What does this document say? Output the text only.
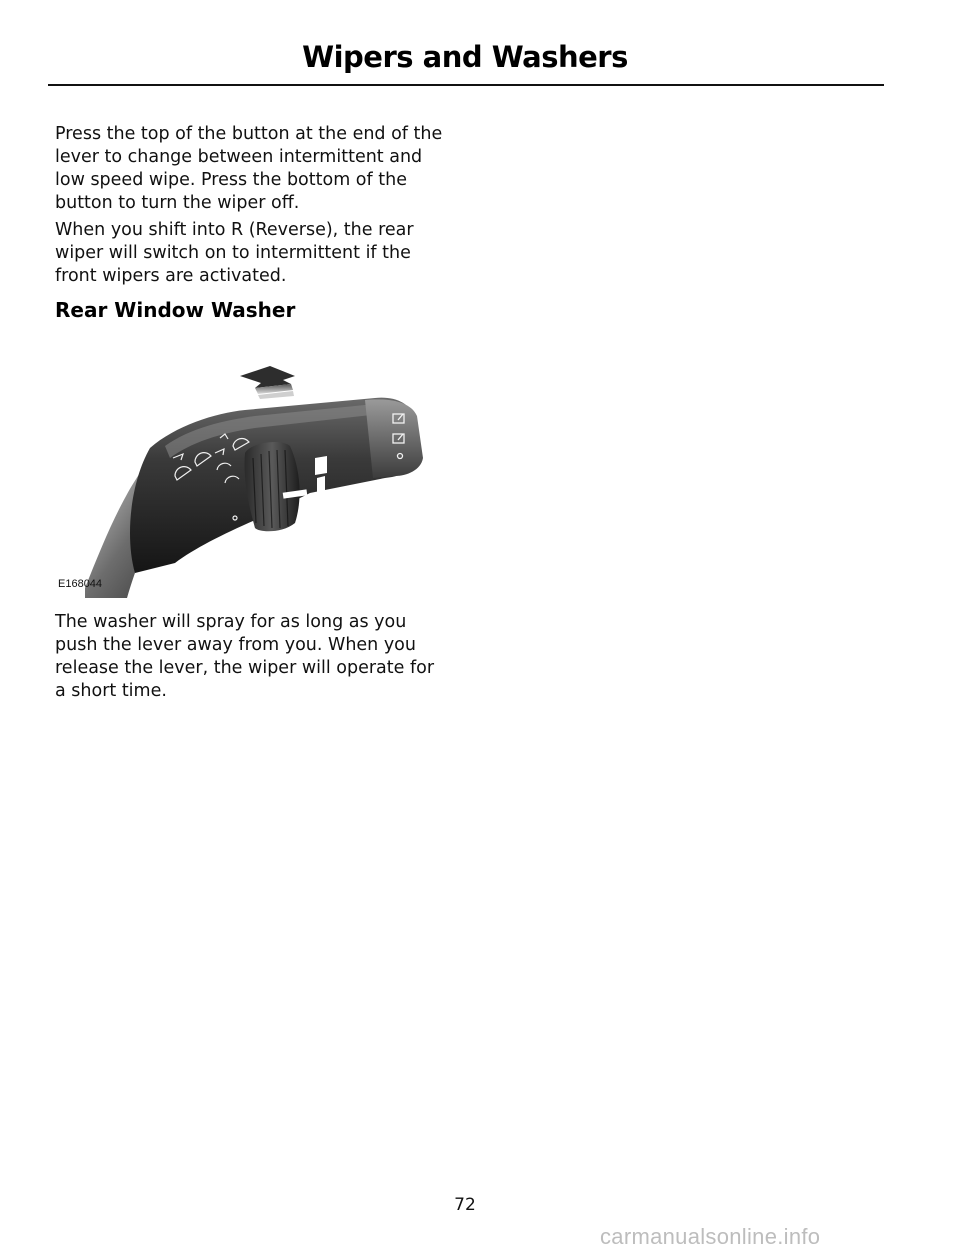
Wipers and Washers

Press the top of the button at the end of the lever to change between intermittent and low speed wipe. Press the bottom of the button to turn the wiper off.

When you shift into R (Reverse), the rear wiper will switch on to intermittent if the front wipers are activated.

Rear Window Washer
E168044

The washer will spray for as long as you push the lever away from you. When you release the lever, the wiper will operate for a short time.

72
carmanualsonline.info
